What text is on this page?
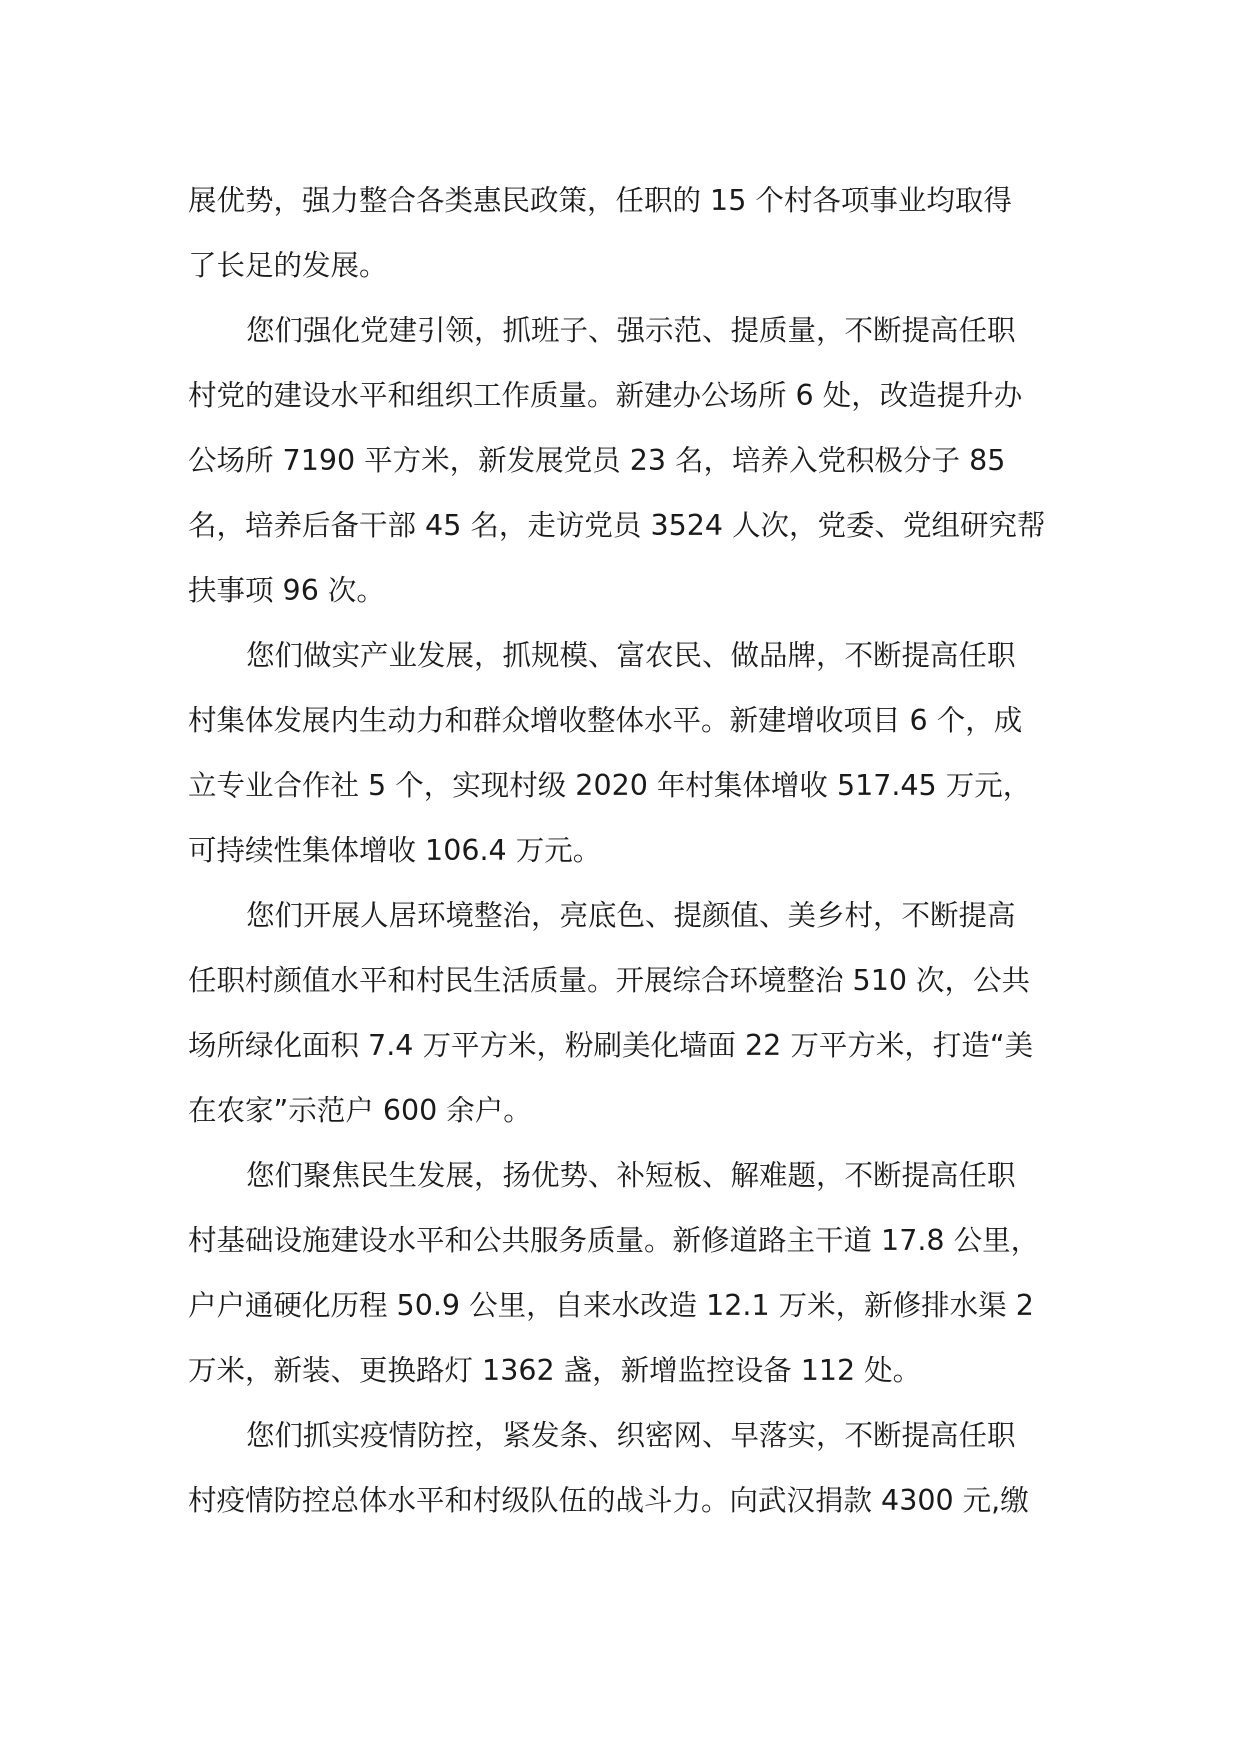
展优势，强力整合各类惠民政策，任职的 15 个村各项事业均取得
了长足的发展。
您们强化党建引领，抓班子、强示范、提质量，不断提高任职
村党的建设水平和组织工作质量。新建办公场所 6 处，改造提升办
公场所 7190 平方米，新发展党员 23 名，培养入党积极分子 85
名，培养后备干部 45 名，走访党员 3524 人次，党委、党组研究帮
扶事项 96 次。
您们做实产业发展，抓规模、富农民、做品牌，不断提高任职
村集体发展内生动力和群众增收整体水平。新建增收项目 6 个，成
立专业合作社 5 个，实现村级 2020 年村集体增收 517.45 万元，
可持续性集体增收 106.4 万元。
您们开展人居环境整治，亮底色、提颜值、美乡村，不断提高
任职村颜值水平和村民生活质量。开展综合环境整治 510 次，公共
场所绿化面积 7.4 万平方米，粉刷美化墙面 22 万平方米，打造“美
在农家”示范户 600 余户。
您们聚焦民生发展，扬优势、补短板、解难题，不断提高任职
村基础设施建设水平和公共服务质量。新修道路主干道 17.8 公里，
户户通硬化历程 50.9 公里，自来水改造 12.1 万米，新修排水渠 2
万米，新装、更换路灯 1362 盏，新增监控设备 112 处。
您们抓实疫情防控，紧发条、织密网、早落实，不断提高任职
村疫情防控总体水平和村级队伍的战斗力。向武汉捐款 4300 元,缴
